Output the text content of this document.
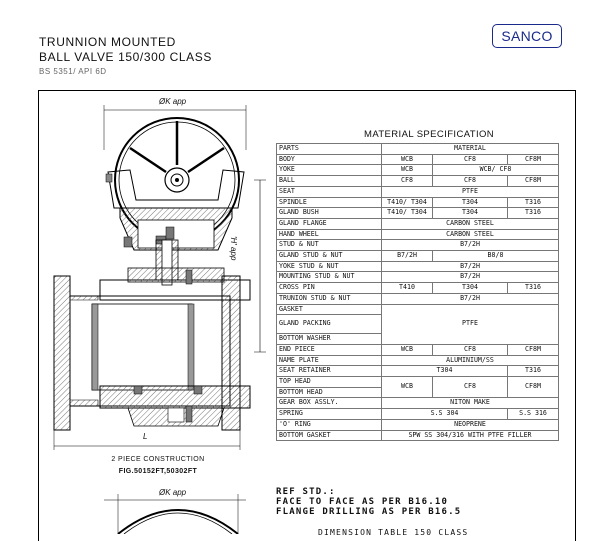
TRUNNION MOUNTED
BALL VALVE 150/300 CLASS
BS 5351/ API 6D
SANCO
ØK app
'H' app
L
2 PIECE CONSTRUCTION
FIG.50152FT,50302FT
ØK app
MATERIAL SPECIFICATION
PARTS	MATERIAL		
BODY	WCB	CF8	CF8M
YOKE	WCB	WCB/ CF8	
BALL	CF8	CF8	CF8M
SEAT	PTFE		
SPINDLE	T410/ T304	T304	T316
GLAND BUSH	T410/ T304	T304	T316
GLAND FLANGE	CARBON STEEL		
HAND WHEEL	CARBON STEEL		
STUD & NUT	B7/2H		
GLAND STUD & NUT	B7/2H	B8/8	
YOKE STUD & NUT	B7/2H		
MOUNTING STUD & NUT	B7/2H		
CROSS PIN	T410	T304	T316
TRUNION STUD & NUT	B7/2H		
GASKET	PTFE		
GLAND PACKING			
BOTTOM WASHER			
END PIECE	WCB	CF8	CF8M
NAME PLATE	ALUMINIUM/SS		
SEAT RETAINER	T304		T316
TOP HEAD	WCB	CF8	CF8M
BOTTOM HEAD			
GEAR BOX ASSLY.	NITON MAKE		
SPRING	S.S 304		S.S 316
'O' RING	NEOPRENE		
BOTTOM GASKET	SPW SS 304/316 WITH PTFE FILLER		
REF STD.:
FACE TO FACE AS PER B16.10
FLANGE DRILLING AS PER B16.5
DIMENSION TABLE 150 CLASS
